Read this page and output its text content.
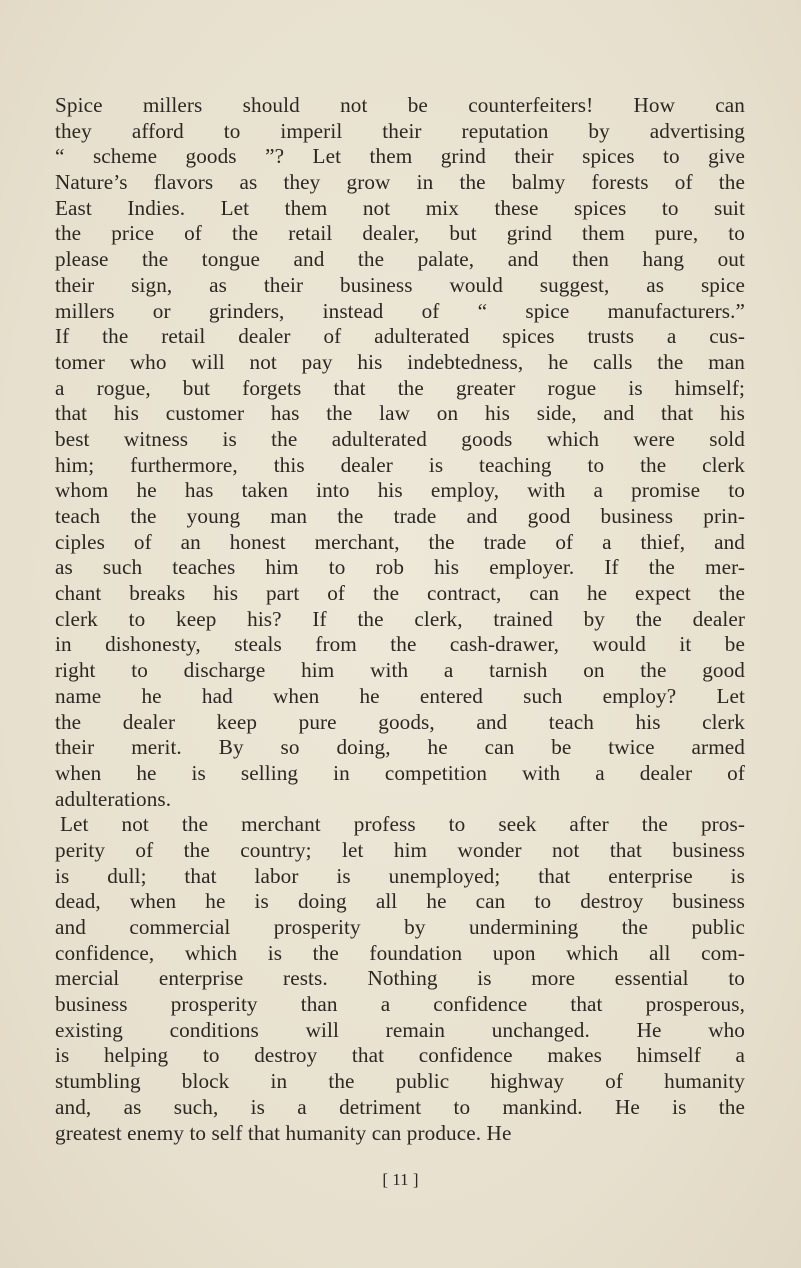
Spice millers should not be counterfeiters! How can
they afford to imperil their reputation by advertising
“ scheme goods ”? Let them grind their spices to give
Nature’s flavors as they grow in the balmy forests of the
East Indies. Let them not mix these spices to suit
the price of the retail dealer, but grind them pure, to
please the tongue and the palate, and then hang out
their sign, as their business would suggest, as spice
millers or grinders, instead of “ spice manufacturers.”
If the retail dealer of adulterated spices trusts a cus-
tomer who will not pay his indebtedness, he calls the man
a rogue, but forgets that the greater rogue is himself;
that his customer has the law on his side, and that his
best witness is the adulterated goods which were sold
him; furthermore, this dealer is teaching to the clerk
whom he has taken into his employ, with a promise to
teach the young man the trade and good business prin-
ciples of an honest merchant, the trade of a thief, and
as such teaches him to rob his employer. If the mer-
chant breaks his part of the contract, can he expect the
clerk to keep his? If the clerk, trained by the dealer
in dishonesty, steals from the cash-drawer, would it be
right to discharge him with a tarnish on the good
name he had when he entered such employ? Let
the dealer keep pure goods, and teach his clerk
their merit. By so doing, he can be twice armed
when he is selling in competition with a dealer of
adulterations.
Let not the merchant profess to seek after the pros-
perity of the country; let him wonder not that business
is dull; that labor is unemployed; that enterprise is
dead, when he is doing all he can to destroy business
and commercial prosperity by undermining the public
confidence, which is the foundation upon which all com-
mercial enterprise rests. Nothing is more essential to
business prosperity than a confidence that prosperous,
existing conditions will remain unchanged. He who
is helping to destroy that confidence makes himself a
stumbling block in the public highway of humanity
and, as such, is a detriment to mankind. He is the
greatest enemy to self that humanity can produce. He
[ 11 ]
